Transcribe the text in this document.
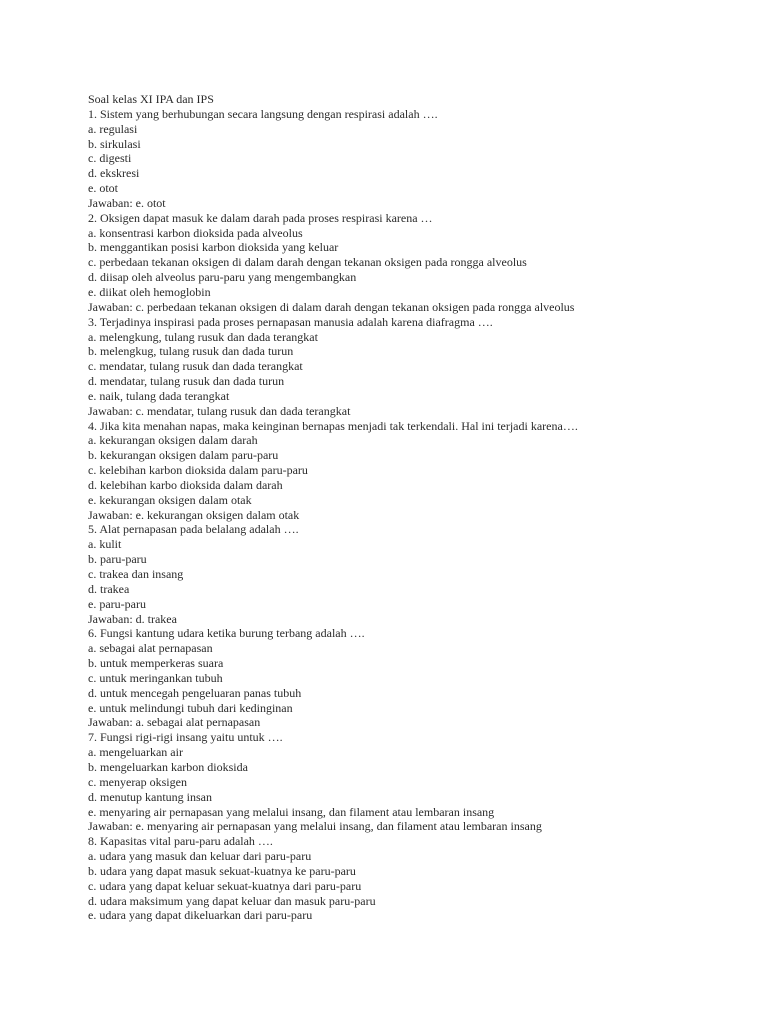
Soal kelas XI IPA dan IPS
1. Sistem yang berhubungan secara langsung dengan respirasi adalah ….
a. regulasi
b. sirkulasi
c. digesti
d. ekskresi
e. otot
Jawaban: e. otot
2. Oksigen dapat masuk ke dalam darah pada proses respirasi karena …
a. konsentrasi karbon dioksida pada alveolus
b. menggantikan posisi karbon dioksida yang keluar
c. perbedaan tekanan oksigen di dalam darah dengan tekanan oksigen pada rongga alveolus
d. diisap oleh alveolus paru-paru yang mengembangkan
e. diikat oleh hemoglobin
Jawaban: c. perbedaan tekanan oksigen di dalam darah dengan tekanan oksigen pada rongga alveolus
3. Terjadinya inspirasi pada proses pernapasan manusia adalah karena diafragma ….
a. melengkung, tulang rusuk dan dada terangkat
b. melengkug, tulang rusuk dan dada turun
c. mendatar, tulang rusuk dan dada terangkat
d. mendatar, tulang rusuk dan dada turun
e. naik, tulang dada terangkat
Jawaban: c. mendatar, tulang rusuk dan dada terangkat
4. Jika kita menahan napas, maka keinginan bernapas menjadi tak terkendali. Hal ini terjadi karena….
a. kekurangan oksigen dalam darah
b. kekurangan oksigen dalam paru-paru
c. kelebihan karbon dioksida dalam paru-paru
d. kelebihan karbo dioksida dalam darah
e. kekurangan oksigen dalam otak
Jawaban: e. kekurangan oksigen dalam otak
5. Alat pernapasan pada belalang adalah ….
a. kulit
b. paru-paru
c. trakea dan insang
d. trakea
e. paru-paru
Jawaban: d. trakea
6. Fungsi kantung udara ketika burung terbang adalah ….
a. sebagai alat pernapasan
b. untuk memperkeras suara
c. untuk meringankan tubuh
d. untuk mencegah pengeluaran panas tubuh
e. untuk melindungi tubuh dari kedinginan
Jawaban: a. sebagai alat pernapasan
7. Fungsi rigi-rigi insang yaitu untuk ….
a. mengeluarkan air
b. mengeluarkan karbon dioksida
c. menyerap oksigen
d. menutup kantung insan
e. menyaring air pernapasan yang melalui insang, dan filament atau lembaran insang
Jawaban: e. menyaring air pernapasan yang melalui insang, dan filament atau lembaran insang
8. Kapasitas vital paru-paru adalah ….
a. udara yang masuk dan keluar dari paru-paru
b. udara yang dapat masuk sekuat-kuatnya ke paru-paru
c. udara yang dapat keluar sekuat-kuatnya dari paru-paru
d. udara maksimum yang dapat keluar dan masuk paru-paru
e. udara yang dapat dikeluarkan dari paru-paru
